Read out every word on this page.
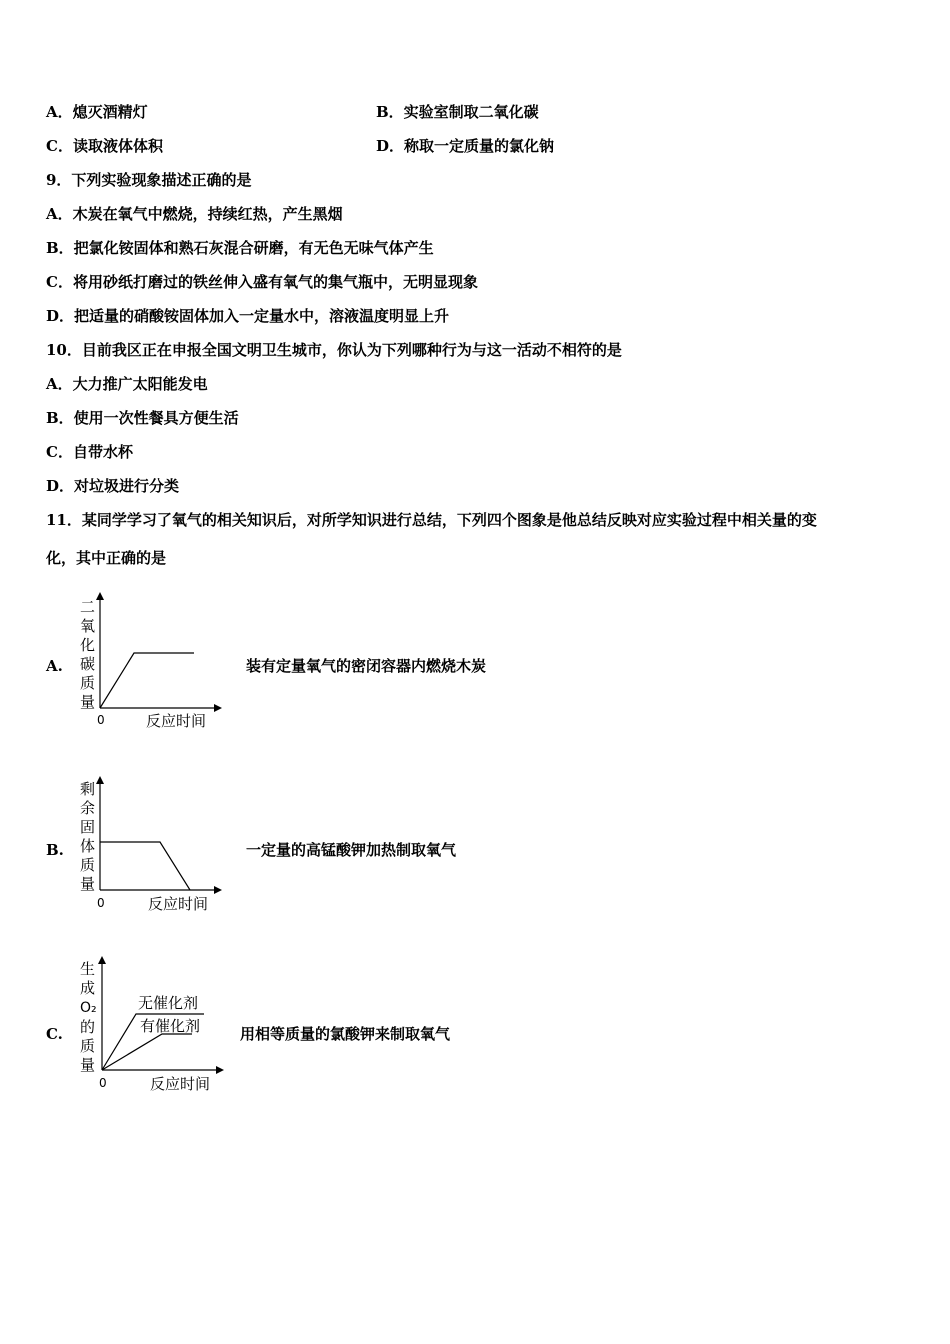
A．熄灭酒精灯	B．实验室制取二氧化碳
C．读取液体体积	D．称取一定质量的氯化钠
9．下列实验现象描述正确的是
A．木炭在氧气中燃烧，持续红热，产生黑烟
B．把氯化铵固体和熟石灰混合研磨，有无色无味气体产生
C．将用砂纸打磨过的铁丝伸入盛有氧气的集气瓶中，无明显现象
D．把适量的硝酸铵固体加入一定量水中，溶液温度明显上升
10．目前我区正在申报全国文明卫生城市，你认为下列哪种行为与这一活动不相符的是
A．大力推广太阳能发电
B．使用一次性餐具方便生活
C．自带水杯
D．对垃圾进行分类
11．某同学学习了氧气的相关知识后，对所学知识进行总结，下列四个图象是他总结反映对应实验过程中相关量的变
化，其中正确的是
A.
二
氧
化
碳
质
量
0	反应时间
装有定量氧气的密闭容器内燃烧木炭
B.
剩
余
固
体
质
量
0	反应时间
一定量的高锰酸钾加热制取氧气
C.
无催化剂
有催化剂
生
成
O₂
的
质
量
0	反应时间
用相等质量的氯酸钾来制取氧气
